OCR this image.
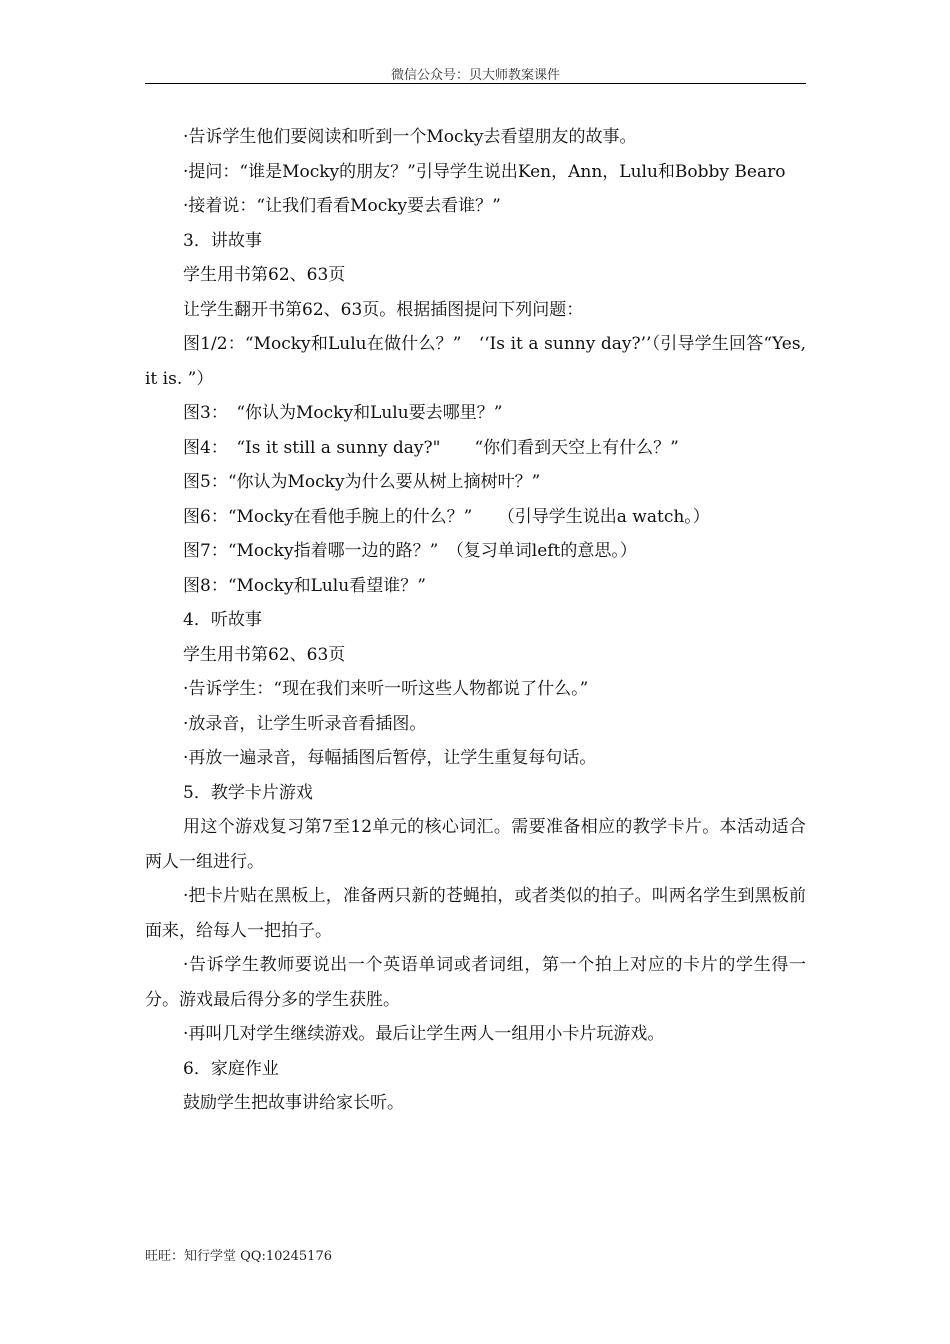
微信公众号：贝大师教案课件

·告诉学生他们要阅读和听到一个Mocky去看望朋友的故事。

·提问：“谁是Mocky的朋友？”引导学生说出Ken，Ann，Lulu和Bobby Bearo

·接着说：“让我们看看Mocky要去看谁？”

3．讲故事

学生用书第62、63页

让学生翻开书第62、63页。根据插图提问下列问题：

图1/2：“Mocky和Lulu在做什么？”　‘‘Is it a sunny day?’’（引导学生回答“Yes, it is. ”）

图3：　“你认为Mocky和Lulu要去哪里？”

图4：　“Is it still a sunny day?"　　“你们看到天空上有什么？”

图5：“你认为Mocky为什么要从树上摘树叶？”

图6：“Mocky在看他手腕上的什么？”　　（引导学生说出a watch。）

图7：“Mocky指着哪一边的路？”　（复习单词left的意思。）

图8：“Mocky和Lulu看望谁？”

4．听故事

学生用书第62、63页

·告诉学生：“现在我们来听一听这些人物都说了什么。”

·放录音，让学生听录音看插图。

·再放一遍录音，每幅插图后暂停，让学生重复每句话。

5．教学卡片游戏

用这个游戏复习第7至12单元的核心词汇。需要准备相应的教学卡片。本活动适合两人一组进行。

·把卡片贴在黑板上，准备两只新的苍蝇拍，或者类似的拍子。叫两名学生到黑板前面来，给每人一把拍子。

·告诉学生教师要说出一个英语单词或者词组，第一个拍上对应的卡片的学生得一分。游戏最后得分多的学生获胜。

·再叫几对学生继续游戏。最后让学生两人一组用小卡片玩游戏。

6．家庭作业

鼓励学生把故事讲给家长听。

旺旺：知行学堂 QQ:10245176
